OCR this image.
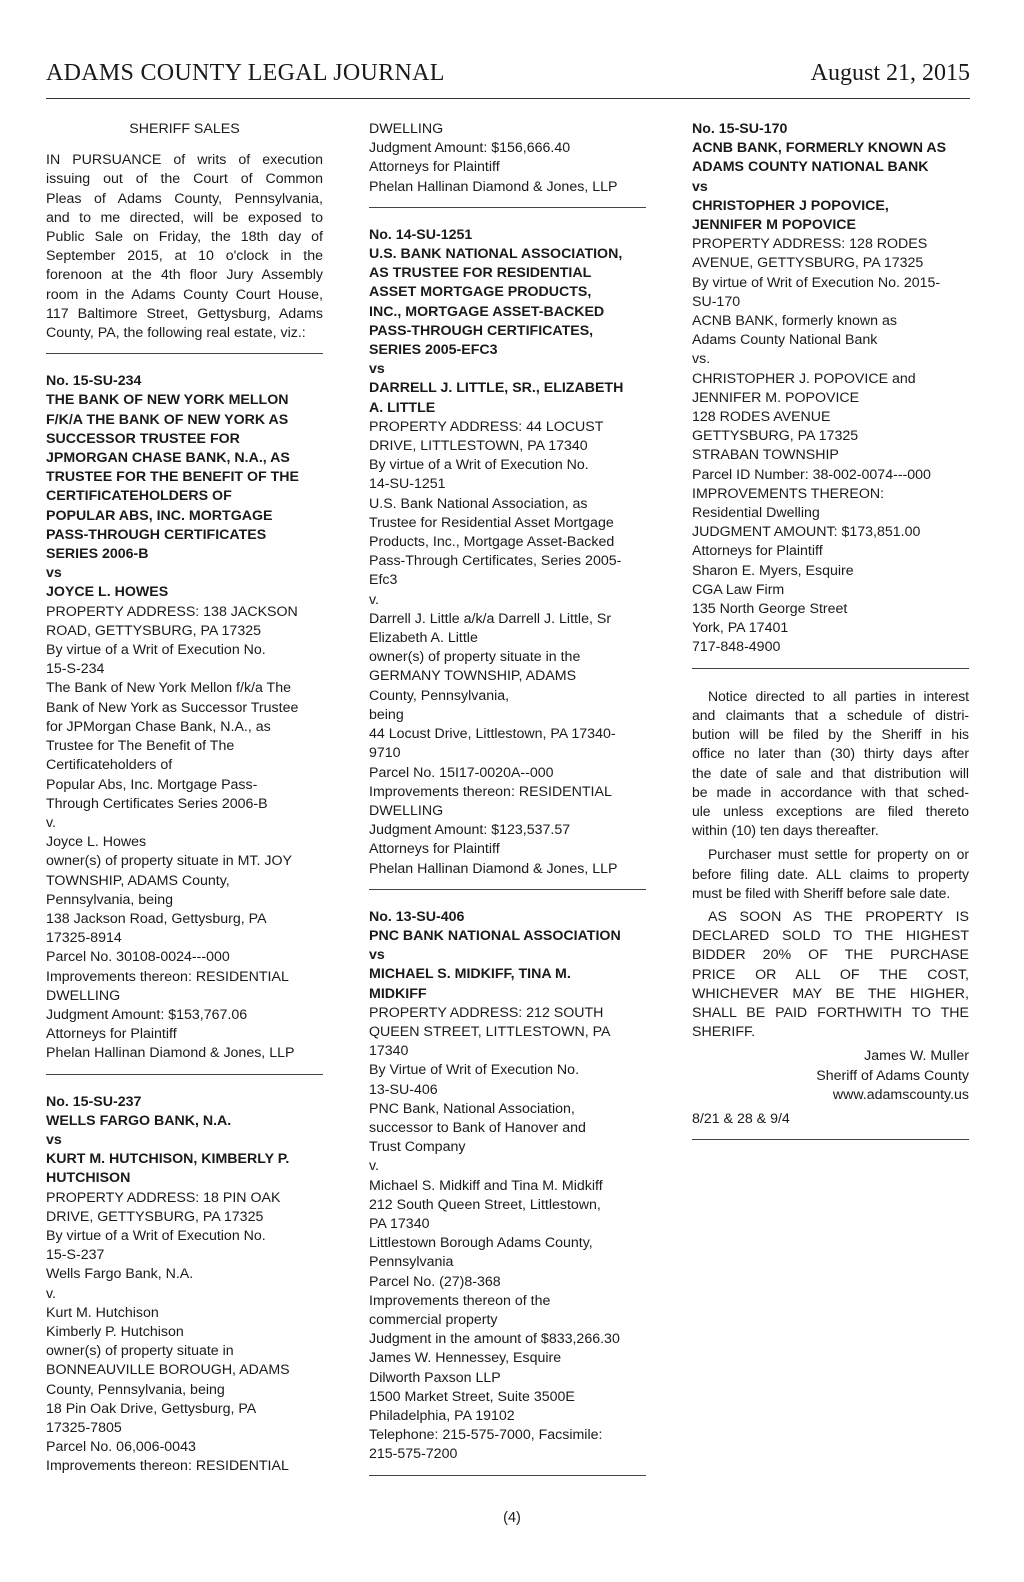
ADAMS COUNTY LEGAL JOURNAL	August 21, 2015
SHERIFF SALES
IN PURSUANCE of writs of execution
issuing out of the Court of Common
Pleas of Adams County, Pennsylvania,
and to me directed, will be exposed to
Public Sale on Friday, the 18th day of
September 2015, at 10 o'clock in the
forenoon at the 4th floor Jury Assembly
room in the Adams County Court House,
117 Baltimore Street, Gettysburg, Adams
County, PA, the following real estate, viz.:
No. 15-SU-234
THE BANK OF NEW YORK MELLON
F/K/A THE BANK OF NEW YORK AS
SUCCESSOR TRUSTEE FOR
JPMORGAN CHASE BANK, N.A., AS
TRUSTEE FOR THE BENEFIT OF THE
CERTIFICATEHOLDERS OF
POPULAR ABS, INC. MORTGAGE
PASS-THROUGH CERTIFICATES
SERIES 2006-B
vs
JOYCE L. HOWES
PROPERTY ADDRESS: 138 JACKSON
ROAD, GETTYSBURG, PA 17325
By virtue of a Writ of Execution No.
15-S-234
The Bank of New York Mellon f/k/a The
Bank of New York as Successor Trustee
for JPMorgan Chase Bank, N.A., as
Trustee for The Benefit of The
Certificateholders of
Popular Abs, Inc. Mortgage Pass-
Through Certificates Series 2006-B
v.
Joyce L. Howes
owner(s) of property situate in MT. JOY
TOWNSHIP, ADAMS County,
Pennsylvania, being
138 Jackson Road, Gettysburg, PA
17325-8914
Parcel No. 30108-0024---000
Improvements thereon: RESIDENTIAL
DWELLING
Judgment Amount: $153,767.06
Attorneys for Plaintiff
Phelan Hallinan Diamond & Jones, LLP
No. 15-SU-237
WELLS FARGO BANK, N.A.
vs
KURT M. HUTCHISON, KIMBERLY P.
HUTCHISON
PROPERTY ADDRESS: 18 PIN OAK
DRIVE, GETTYSBURG, PA 17325
By virtue of a Writ of Execution No.
15-S-237
Wells Fargo Bank, N.A.
v.
Kurt M. Hutchison
Kimberly P. Hutchison
owner(s) of property situate in
BONNEAUVILLE BOROUGH, ADAMS
County, Pennsylvania, being
18 Pin Oak Drive, Gettysburg, PA
17325-7805
Parcel No. 06,006-0043
Improvements thereon: RESIDENTIAL
DWELLING
Judgment Amount: $156,666.40
Attorneys for Plaintiff
Phelan Hallinan Diamond & Jones, LLP
No. 14-SU-1251
U.S. BANK NATIONAL ASSOCIATION,
AS TRUSTEE FOR RESIDENTIAL
ASSET MORTGAGE PRODUCTS,
INC., MORTGAGE ASSET-BACKED
PASS-THROUGH CERTIFICATES,
SERIES 2005-EFC3
vs
DARRELL J. LITTLE, SR., ELIZABETH
A. LITTLE
PROPERTY ADDRESS: 44 LOCUST
DRIVE, LITTLESTOWN, PA 17340
By virtue of a Writ of Execution No.
14-SU-1251
U.S. Bank National Association, as
Trustee for Residential Asset Mortgage
Products, Inc., Mortgage Asset-Backed
Pass-Through Certificates, Series 2005-
Efc3
v.
Darrell J. Little a/k/a Darrell J. Little, Sr
Elizabeth A. Little
owner(s) of property situate in the
GERMANY TOWNSHIP, ADAMS
County, Pennsylvania,
being
44 Locust Drive, Littlestown, PA 17340-
9710
Parcel No. 15I17-0020A--000
Improvements thereon: RESIDENTIAL
DWELLING
Judgment Amount: $123,537.57
Attorneys for Plaintiff
Phelan Hallinan Diamond & Jones, LLP
No. 13-SU-406
PNC BANK NATIONAL ASSOCIATION
vs
MICHAEL S. MIDKIFF, TINA M.
MIDKIFF
PROPERTY ADDRESS: 212 SOUTH
QUEEN STREET, LITTLESTOWN, PA
17340
By Virtue of Writ of Execution No.
13-SU-406
PNC Bank, National Association,
successor to Bank of Hanover and
Trust Company
v.
Michael S. Midkiff and Tina M. Midkiff
212 South Queen Street, Littlestown,
PA 17340
Littlestown Borough Adams County,
Pennsylvania
Parcel No. (27)8-368
Improvements thereon of the
commercial property
Judgment in the amount of $833,266.30
James W. Hennessey, Esquire
Dilworth Paxson LLP
1500 Market Street, Suite 3500E
Philadelphia, PA 19102
Telephone: 215-575-7000, Facsimile:
215-575-7200
No. 15-SU-170
ACNB BANK, FORMERLY KNOWN AS
ADAMS COUNTY NATIONAL BANK
vs
CHRISTOPHER J POPOVICE,
JENNIFER M POPOVICE
PROPERTY ADDRESS: 128 RODES
AVENUE, GETTYSBURG, PA 17325
By virtue of Writ of Execution No. 2015-
SU-170
ACNB BANK, formerly known as
Adams County National Bank
vs.
CHRISTOPHER J. POPOVICE and
JENNIFER M. POPOVICE
128 RODES AVENUE
GETTYSBURG, PA 17325
STRABAN TOWNSHIP
Parcel ID Number: 38-002-0074---000
IMPROVEMENTS THEREON:
Residential Dwelling
JUDGMENT AMOUNT: $173,851.00
Attorneys for Plaintiff
Sharon E. Myers, Esquire
CGA Law Firm
135 North George Street
York, PA 17401
717-848-4900
Notice directed to all parties in interest
and claimants that a schedule of distri-
bution will be filed by the Sheriff in his
office no later than (30) thirty days after
the date of sale and that distribution will
be made in accordance with that sched-
ule unless exceptions are filed thereto
within (10) ten days thereafter.
Purchaser must settle for property on or
before filing date. ALL claims to property
must be filed with Sheriff before sale date.
AS SOON AS THE PROPERTY IS
DECLARED SOLD TO THE HIGHEST
BIDDER 20% OF THE PURCHASE
PRICE OR ALL OF THE COST,
WHICHEVER MAY BE THE HIGHER,
SHALL BE PAID FORTHWITH TO THE
SHERIFF.
James W. Muller
Sheriff of Adams County
www.adamscounty.us
8/21 & 28 & 9/4
(4)
